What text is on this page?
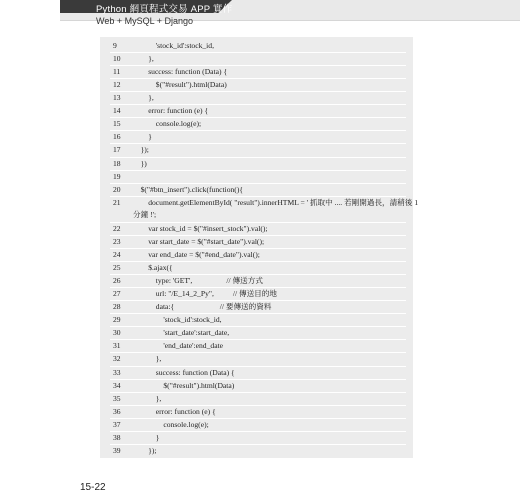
Python 網頁程式交易 APP 實作
Web + MySQL + Django
9	'stock_id':stock_id,
10	},
11	success: function (Data) {
12	$("#result").html(Data)
13	},
14	error: function (e) {
15	console.log(e);
16	}
17	});
18	})
19
20	$("#btn_insert").click(function(){
21	document.getElementById( "result").innerHTML = ' 抓取中 .... 若剛開過長，請稍後 1
分鐘 !';
22	var stock_id = $("#insert_stock").val();
23	var start_date = $("#start_date").val();
24	var end_date = $("#end_date").val();
25	$.ajax({
26	type: 'GET',                  // 傳送方式
27	url: "/E_14_2_Py",          // 傳送目的地
28	data:{                        // 要傳送的資料
29	'stock_id':stock_id,
30	'start_date':start_date,
31	'end_date':end_date
32	},
33	success: function (Data) {
34	$("#result").html(Data)
35	},
36	error: function (e) {
37	console.log(e);
38	}
39	});
15-22
